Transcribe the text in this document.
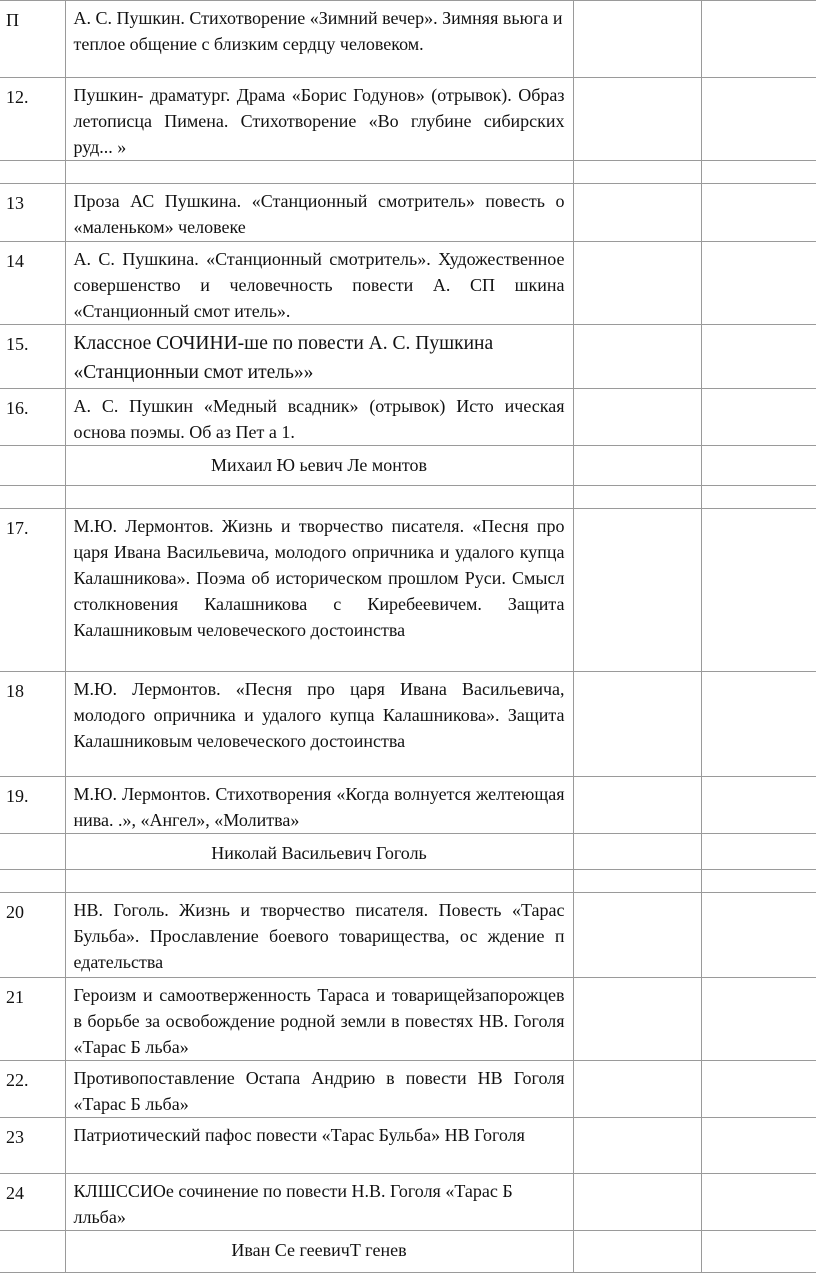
П	А. С. Пушкин. Стихотворение «Зимний вечер». Зимняя вьюга и теплое общение с близким сердцу человеком.		
12.	Пушкин- драматург. Драма «Борис Годунов» (отрывок). Образ летописца Пимена. Стихотворение «Во глубине сибирских руд... »		

13	Проза АС Пушкина. «Станционный смотритель» повесть о «маленьком» человеке		
14	А. С. Пушкина. «Станционный смотритель». Художественное совершенство и человечность повести А. СП шкина «Станционный смот итель».		
15.	Классное СОЧИНИ-ше по повести А. С. Пушкина «Станционныи смот итель»»		
16.	А. С. Пушкин «Медный всадник» (отрывок) Исто ическая основа поэмы. Об аз Пет а 1.		
	Михаил Ю ьевич Ле монтов		

17.	М.Ю. Лермонтов. Жизнь и творчество писателя. «Песня про царя Ивана Васильевича, молодого опричника и удалого купца Калашникова». Поэма об историческом прошлом Руси. Смысл столкновения Калашникова с Киребеевичем. Защита Калашниковым человеческого достоинства		
18	М.Ю. Лермонтов. «Песня про царя Ивана Васильевича, молодого опричника и удалого купца Калашникова». Защита Калашниковым человеческого достоинства		
19.	М.Ю. Лермонтов. Стихотворения «Когда волнуется желтеющая нива. .», «Ангел», «Молитва»		
	Николай Васильевич Гоголь		

20	НВ. Гоголь. Жизнь и творчество писателя. Повесть «Тарас Бульба». Прославление боевого товарищества, ос ждение п едательства		
21	Героизм и самоотверженность Тараса и товарищейзапорожцев в борьбе за освобождение родной земли в повестях НВ. Гоголя «Тарас Б льба»		
22.	Противопоставление Остапа Андрию в повести НВ Гоголя «Тарас Б льба»		
23	Патриотический пафос повести «Тарас Бульба» НВ Гоголя		
24	КЛШССИОе сочинение по повести Н.В. Гоголя «Тарас Б лльба»		
	Иван Се геевичТ генев		
